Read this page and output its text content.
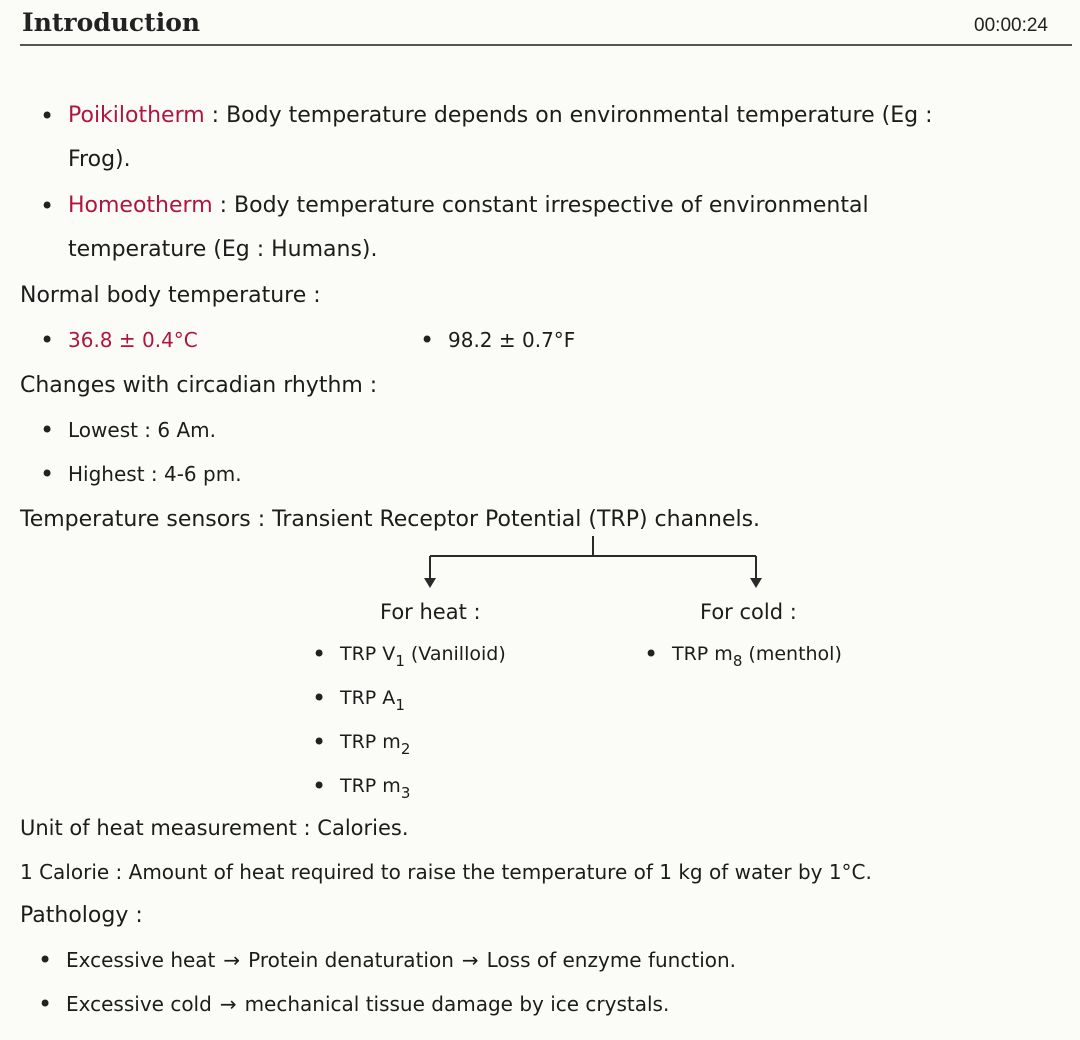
Introduction	00:00:24
• Poikilotherm : Body temperature depends on environmental temperature (Eg :
Frog).
• Homeotherm : Body temperature constant irrespective of environmental
temperature (Eg : Humans).
Normal body temperature :
• 36.8 ± 0.4°C
•	98.2 ± 0.7°F
Changes with circadian rhythm :
• Lowest : 6 Am.
• Highest : 4-6 pm.
Temperature sensors : Transient Receptor Potential (TRP) channels.
For heat :
• TRP $V_1$ (Vanilloid)
• TRP $A_1$
• TRP $m_2$
• TRP $m_3$
For cold :
• TRP $m_8$ (menthol)
Unit of heat measurement : Calories.
1 Calorie : Amount of heat required to raise the temperature of 1 kg of water by 1°C.
Pathology :
• Excessive heat → Protein denaturation → Loss of enzyme function.
• Excessive cold → mechanical tissue damage by ice crystals.
